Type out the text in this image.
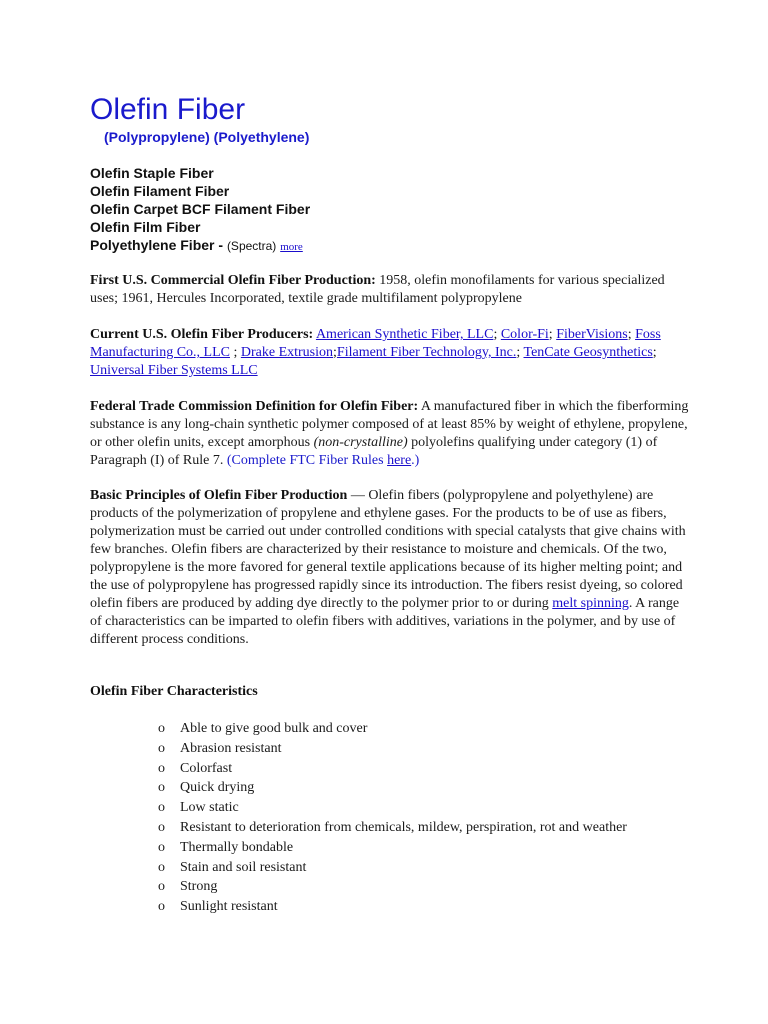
Olefin Fiber
(Polypropylene) (Polyethylene)
Olefin Staple Fiber
Olefin Filament Fiber
Olefin Carpet BCF Filament Fiber
Olefin Film Fiber
Polyethylene Fiber - (Spectra) more

First U.S. Commercial Olefin Fiber Production: 1958, olefin monofilaments for various specialized uses; 1961, Hercules Incorporated, textile grade multifilament polypropylene

Current U.S. Olefin Fiber Producers: American Synthetic Fiber, LLC; Color-Fi; FiberVisions; Foss Manufacturing Co., LLC ; Drake Extrusion;Filament Fiber Technology, Inc.; TenCate Geosynthetics; Universal Fiber Systems LLC

Federal Trade Commission Definition for Olefin Fiber: A manufactured fiber in which the fiberforming substance is any long-chain synthetic polymer composed of at least 85% by weight of ethylene, propylene, or other olefin units, except amorphous (non-crystalline) polyolefins qualifying under category (1) of Paragraph (I) of Rule 7. (Complete FTC Fiber Rules here.)

Basic Principles of Olefin Fiber Production — Olefin fibers (polypropylene and polyethylene) are products of the polymerization of propylene and ethylene gases. For the products to be of use as fibers, polymerization must be carried out under controlled conditions with special catalysts that give chains with few branches. Olefin fibers are characterized by their resistance to moisture and chemicals. Of the two, polypropylene is the more favored for general textile applications because of its higher melting point; and the use of polypropylene has progressed rapidly since its introduction. The fibers resist dyeing, so colored olefin fibers are produced by adding dye directly to the polymer prior to or during melt spinning. A range of characteristics can be imparted to olefin fibers with additives, variations in the polymer, and by use of different process conditions.

Olefin Fiber Characteristics
o Able to give good bulk and cover
o Abrasion resistant
o Colorfast
o Quick drying
o Low static
o Resistant to deterioration from chemicals, mildew, perspiration, rot and weather
o Thermally bondable
o Stain and soil resistant
o Strong
o Sunlight resistant
